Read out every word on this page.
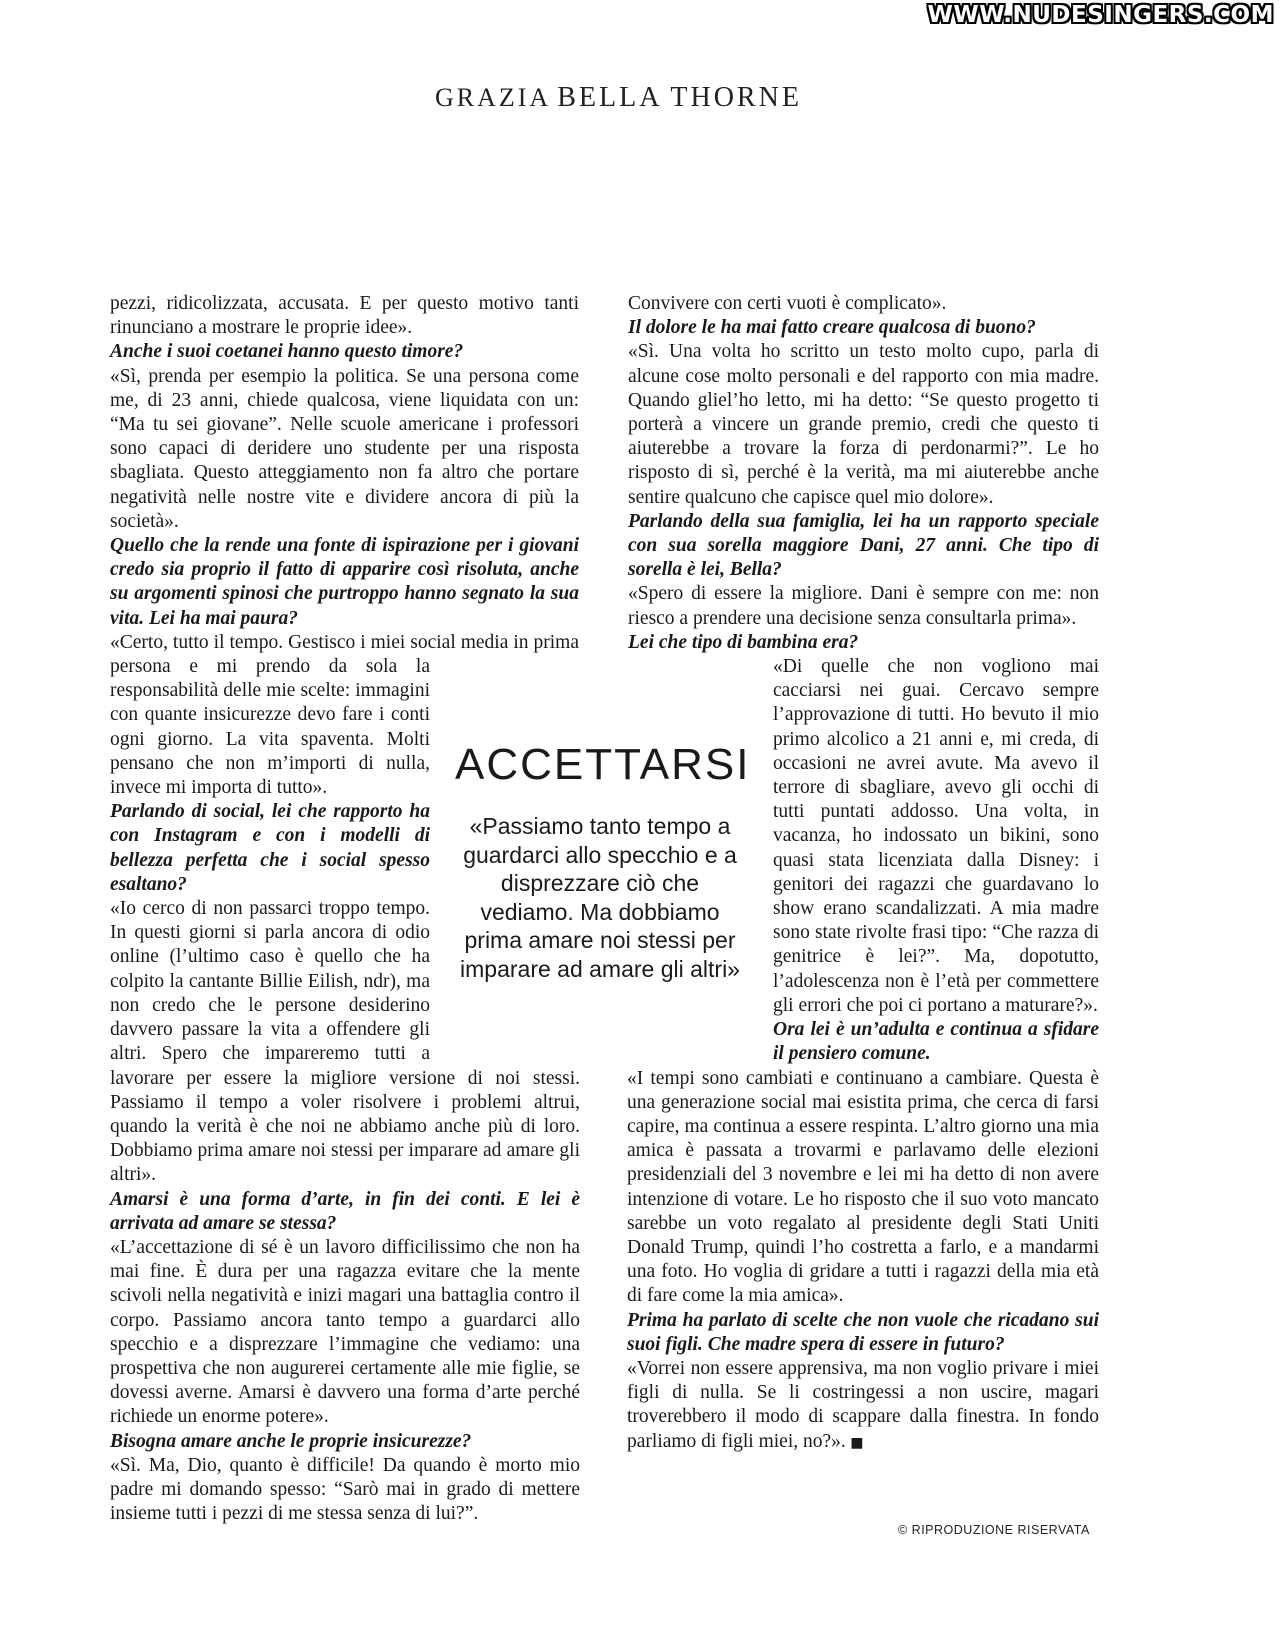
WWW.NUDESINGERS.COM
GRAZIA BELLA THORNE

pezzi, ridicolizzata, accusata. E per questo motivo tanti rinunciano a mostrare le proprie idee».

Anche i suoi coetanei hanno questo timore?

«Sì, prenda per esempio la politica. Se una persona come me, di 23 anni, chiede qualcosa, viene liquidata con un: “Ma tu sei giovane”. Nelle scuole americane i professori sono capaci di deridere uno studente per una risposta sbagliata. Questo atteggiamento non fa altro che portare negatività nelle nostre vite e dividere ancora di più la società».

Quello che la rende una fonte di ispirazione per i giovani credo sia proprio il fatto di apparire così risoluta, anche su argomenti spinosi che purtroppo hanno segnato la sua vita. Lei ha mai paura?

«Certo, tutto il tempo. Gestisco i miei social media in prima persona e mi prendo da sola la responsabilità delle mie scelte: immagini con quante insicurezze devo fare i conti ogni giorno. La vita spaventa. Molti pensano che non m’importi di nulla, invece mi importa di tutto».

Parlando di social, lei che rapporto ha con Instagram e con i modelli di bellezza perfetta che i social spesso esaltano?

«Io cerco di non passarci troppo tempo. In questi giorni si parla ancora di odio online (l’ultimo caso è quello che ha colpito la cantante Billie Eilish, ndr), ma non credo che le persone desiderino davvero passare la vita a offendere gli altri. Spero che impareremo tutti a lavorare per essere la migliore versione di noi stessi. Passiamo il tempo a voler risolvere i problemi altrui, quando la verità è che noi ne abbiamo anche più di loro. Dobbiamo prima amare noi stessi per imparare ad amare gli altri».

Amarsi è una forma d’arte, in fin dei conti. E lei è arrivata ad amare se stessa?

«L’accettazione di sé è un lavoro difficilissimo che non ha mai fine. È dura per una ragazza evitare che la mente scivoli nella negatività e inizi magari una battaglia contro il corpo. Passiamo ancora tanto tempo a guardarci allo specchio e a disprezzare l’immagine che vediamo: una prospettiva che non augurerei certamente alle mie figlie, se dovessi averne. Amarsi è davvero una forma d’arte perché richiede un enorme potere».

Bisogna amare anche le proprie insicurezze?

«Sì. Ma, Dio, quanto è difficile! Da quando è morto mio padre mi domando spesso: “Sarò mai in grado di mettere insieme tutti i pezzi di me stessa senza di lui?”.

ACCETTARSI
«Passiamo tanto tempo a guardarci allo specchio e a disprezzare ciò che vediamo. Ma dobbiamo prima amare noi stessi per imparare ad amare gli altri»

Convivere con certi vuoti è complicato».

Il dolore le ha mai fatto creare qualcosa di buono?

«Sì. Una volta ho scritto un testo molto cupo, parla di alcune cose molto personali e del rapporto con mia madre. Quando gliel’ho letto, mi ha detto: “Se questo progetto ti porterà a vincere un grande premio, credi che questo ti aiuterebbe a trovare la forza di perdonarmi?”. Le ho risposto di sì, perché è la verità, ma mi aiuterebbe anche sentire qualcuno che capisce quel mio dolore».

Parlando della sua famiglia, lei ha un rapporto speciale con sua sorella maggiore Dani, 27 anni. Che tipo di sorella è lei, Bella?

«Spero di essere la migliore. Dani è sempre con me: non riesco a prendere una decisione senza consultarla prima».

Lei che tipo di bambina era?

«Di quelle che non vogliono mai cacciarsi nei guai. Cercavo sempre l’approvazione di tutti. Ho bevuto il mio primo alcolico a 21 anni e, mi creda, di occasioni ne avrei avute. Ma avevo il terrore di sbagliare, avevo gli occhi di tutti puntati addosso. Una volta, in vacanza, ho indossato un bikini, sono quasi stata licenziata dalla Disney: i genitori dei ragazzi che guardavano lo show erano scandalizzati. A mia madre sono state rivolte frasi tipo: “Che razza di genitrice è lei?”. Ma, dopotutto, l’adolescenza non è l’età per commettere gli errori che poi ci portano a maturare?».

Ora lei è un’adulta e continua a sfidare il pensiero comune.

«I tempi sono cambiati e continuano a cambiare. Questa è una generazione social mai esistita prima, che cerca di farsi capire, ma continua a essere respinta. L’altro giorno una mia amica è passata a trovarmi e parlavamo delle elezioni presidenziali del 3 novembre e lei mi ha detto di non avere intenzione di votare. Le ho risposto che il suo voto mancato sarebbe un voto regalato al presidente degli Stati Uniti Donald Trump, quindi l’ho costretta a farlo, e a mandarmi una foto. Ho voglia di gridare a tutti i ragazzi della mia età di fare come la mia amica».

Prima ha parlato di scelte che non vuole che ricadano sui suoi figli. Che madre spera di essere in futuro?

«Vorrei non essere apprensiva, ma non voglio privare i miei figli di nulla. Se li costringessi a non uscire, magari troverebbero il modo di scappare dalla finestra. In fondo parliamo di figli miei, no?». ■

© RIPRODUZIONE RISERVATA
